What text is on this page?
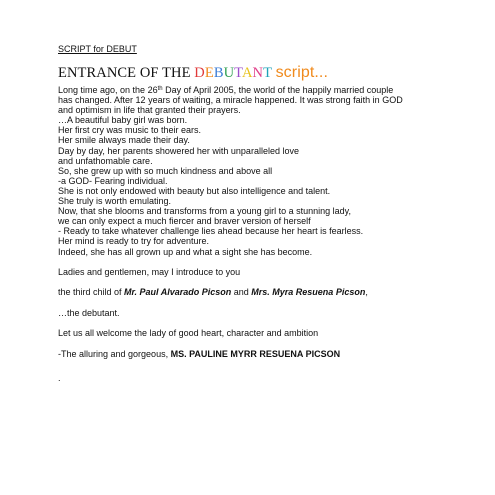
SCRIPT for DEBUT
ENTRANCE OF THE DEBUTANT script...
Long time ago, on the 26th Day of April 2005, the world of the happily married couple
has changed. After 12 years of waiting, a miracle happened. It was strong faith in GOD
and optimism in life that granted their prayers.
…A beautiful baby girl was born.
Her first cry was music to their ears.
Her smile always made their day.
Day by day, her parents showered her with unparalleled love
and unfathomable care.
So, she grew up with so much kindness and above all
-a GOD- Fearing individual.
She is not only endowed with beauty but also intelligence and talent.
She truly is worth emulating.
Now, that she blooms and transforms from a young girl to a stunning lady,
we can only expect a much fiercer and braver version of herself
- Ready to take whatever challenge lies ahead because her heart is fearless.
Her mind is ready to try for adventure.
Indeed, she has all grown up and what a sight she has become.

Ladies and gentlemen, may I introduce to you

the third child of Mr. Paul Alvarado Picson and Mrs. Myra Resuena Picson,

…the debutant.

Let us all welcome the lady of good heart, character and ambition

-The alluring and gorgeous, MS. PAULINE MYRR RESUENA PICSON

.
